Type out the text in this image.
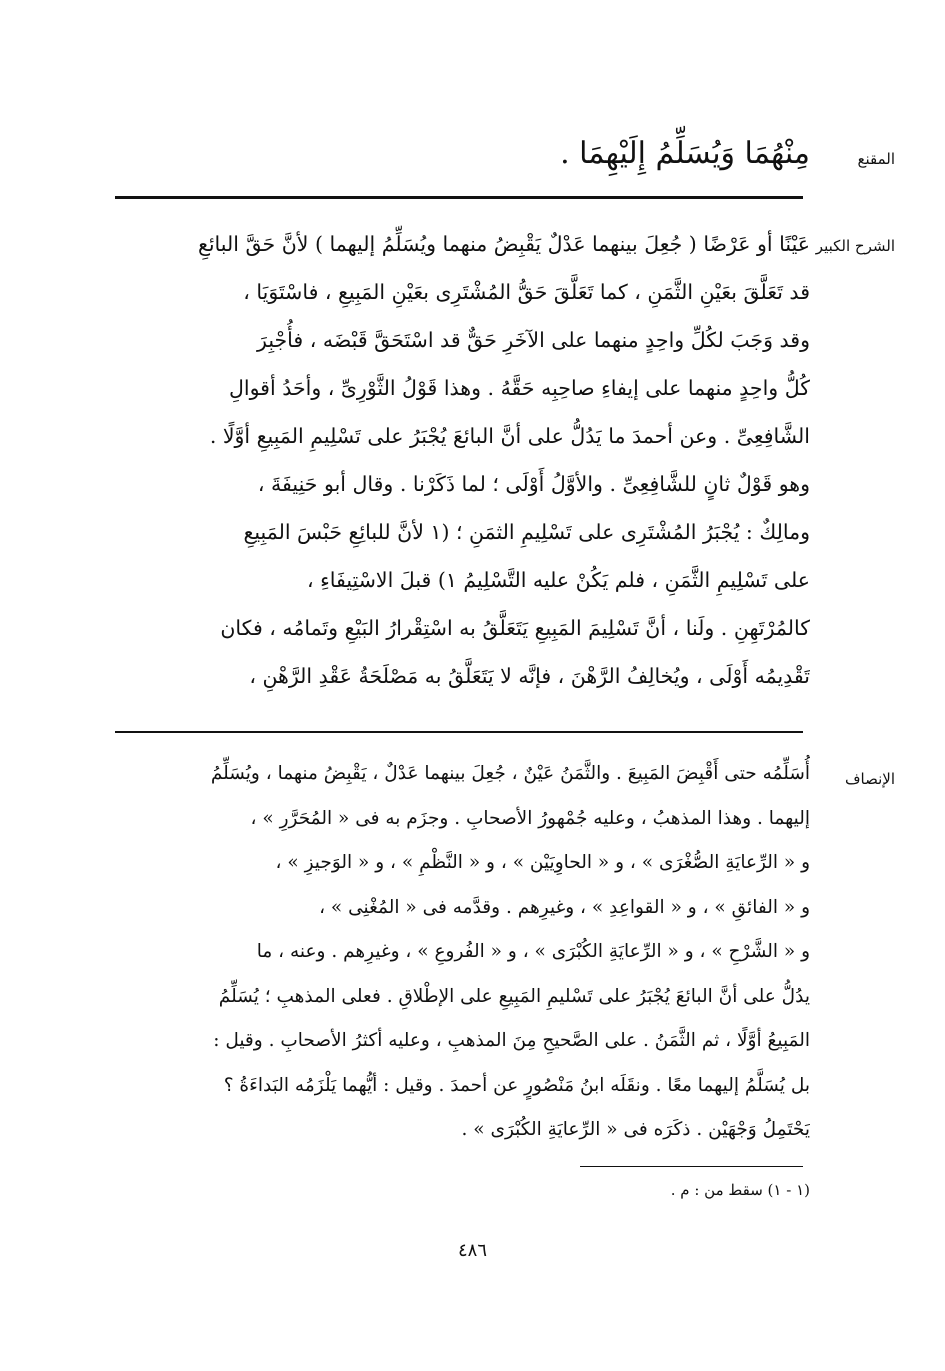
المقنع
مِنْهُمَا وَيُسَلِّمُ إِلَيْهِمَا .
الشرح الكبير
عَيْنًا أو عَرْضًا ( جُعِلَ بينهما عَدْلٌ يَقْبِضُ منهما ويُسَلِّمُ إليهما ) لأنَّ حَقَّ البائعِ
قد تَعَلَّقَ بعَيْنِ الثَّمَنِ ، كما تَعَلَّقَ حَقُّ المُشْتَرِى بعَيْنِ المَبِيعِ ، فاسْتَوَيَا ،
وقد وَجَبَ لكُلِّ واحِدٍ منهما على الآخَرِ حَقٌّ قد اسْتَحَقَّ قَبْضَه ، فأُجْبِرَ
كُلُّ واحِدٍ منهما على إيفاءِ صاحِبِه حَقَّهُ . وهذا قَوْلُ الثَّوْرِىِّ ، وأحَدُ أقوالِ
الشَّافِعِىِّ . وعن أحمدَ ما يَدُلُّ على أنَّ البائعَ يُجْبَرُ على تَسْلِيمِ المَبِيعِ أوَّلًا .
وهو قَوْلٌ ثانٍ للشَّافِعِىِّ . والأوَّلُ أَوْلَى ؛ لما ذَكَرْنا . وقال أبو حَنِيفَةَ ،
ومالِكٌ : يُجْبَرُ المُشْتَرِى على تَسْلِيمِ الثمَنِ ؛ (١ لأنَّ للبائِعِ حَبْسَ المَبِيعِ
على تَسْلِيمِ الثَّمَنِ ، فلم يَكُنْ عليه التَّسْلِيمُ ١) قبلَ الاسْتِيفَاءِ ،
كالمُرْتَهِنِ . ولَنا ، أنَّ تَسْلِيمَ المَبِيعِ يَتَعَلَّقُ به اسْتِقْرارُ البَيْعِ وتَمامُه ، فكان
تَقْدِيمُه أَوْلَى ، ويُخالِفُ الرَّهْنَ ، فإنَّه لا يَتَعَلَّقُ به مَصْلَحَةُ عَقْدِ الرَّهْنِ ،
الإنصاف
أُسَلِّمُه حتى أَقْبِضَ المَبِيعَ . والثَّمَنُ عَيْنٌ ، جُعِلَ بينهما عَدْلٌ ، يَقْبِضُ منهما ، ويُسَلِّمُ
إليهما . وهذا المذهبُ ، وعليه جُمْهورُ الأصحابِ . وجزَم به فى « المُحَرَّرِ » ،
و « الرِّعايَةِ الصُّغْرَى » ، و « الحاوِيَيْن » ، و « النَّظْمِ » ، و « الوَجيزِ » ،
و « الفائقِ » ، و « القواعِدِ » ، وغيرِهم . وقدَّمه فى « المُغْنِى » ،
و « الشَّرْحِ » ، و « الرِّعايَةِ الكُبْرَى » ، و « الفُروعِ » ، وغيرِهم . وعنه ، ما
يدُلُّ على أنَّ البائعَ يُجْبَرُ على تَسْليمِ المَبِيعِ على الإطْلاقِ . فعلى المذهبِ ؛ يُسَلِّمُ
المَبِيعُ أوَّلًا ، ثم الثَّمَنُ . على الصَّحيحِ مِنَ المذهبِ ، وعليه أكثرُ الأصحابِ . وقيل :
بل يُسَلَّمُ إليهما معًا . ونقَلَه ابنُ مَنْصُورٍ عن أحمدَ . وقيل : أيُّهما يَلْزَمُه البَداءَةُ ؟
يَحْتَمِلُ وَجْهَيْن . ذكَرَه فى « الرِّعايَةِ الكُبْرَى » .
(١ - ١) سقط من : م .
٤٨٦
